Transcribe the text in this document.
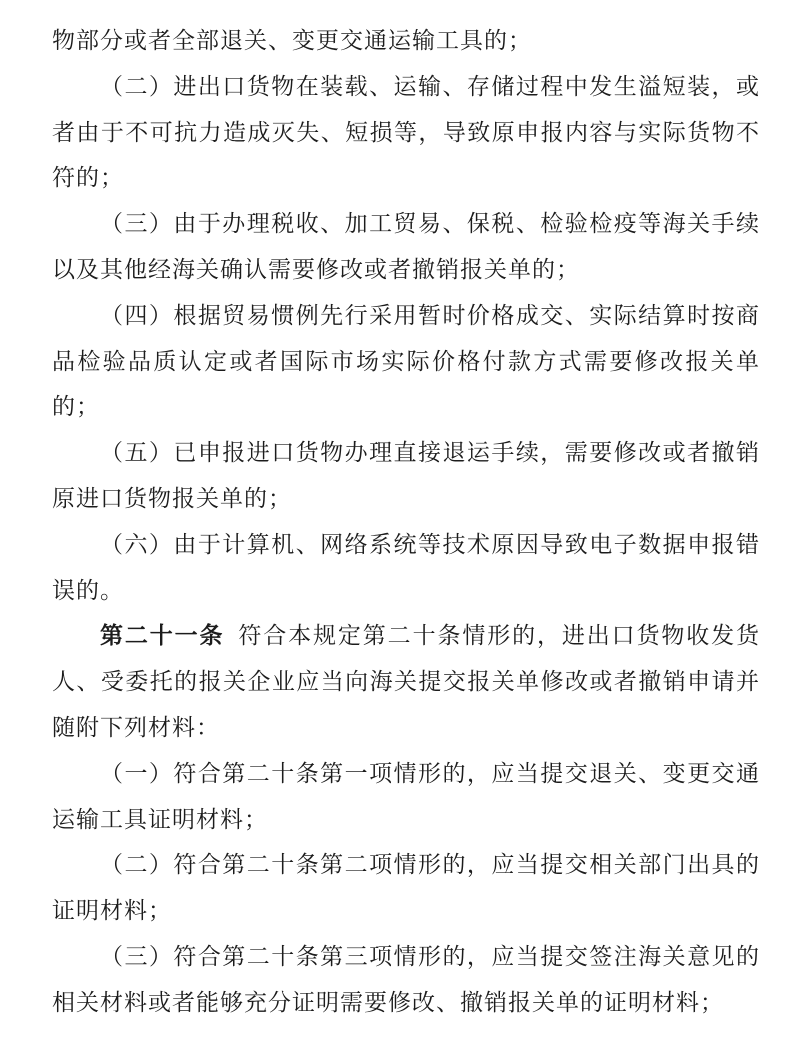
物部分或者全部退关、变更交通运输工具的；
（二）进出口货物在装载、运输、存储过程中发生溢短装，或
者由于不可抗力造成灭失、短损等，导致原申报内容与实际货物不
符的；
（三）由于办理税收、加工贸易、保税、检验检疫等海关手续
以及其他经海关确认需要修改或者撤销报关单的；
（四）根据贸易惯例先行采用暂时价格成交、实际结算时按商
品检验品质认定或者国际市场实际价格付款方式需要修改报关单
的；
（五）已申报进口货物办理直接退运手续，需要修改或者撤销
原进口货物报关单的；
（六）由于计算机、网络系统等技术原因导致电子数据申报错
误的。
第二十一条 符合本规定第二十条情形的，进出口货物收发货
人、受委托的报关企业应当向海关提交报关单修改或者撤销申请并
随附下列材料：
（一）符合第二十条第一项情形的，应当提交退关、变更交通
运输工具证明材料；
（二）符合第二十条第二项情形的，应当提交相关部门出具的
证明材料；
（三）符合第二十条第三项情形的，应当提交签注海关意见的
相关材料或者能够充分证明需要修改、撤销报关单的证明材料；
